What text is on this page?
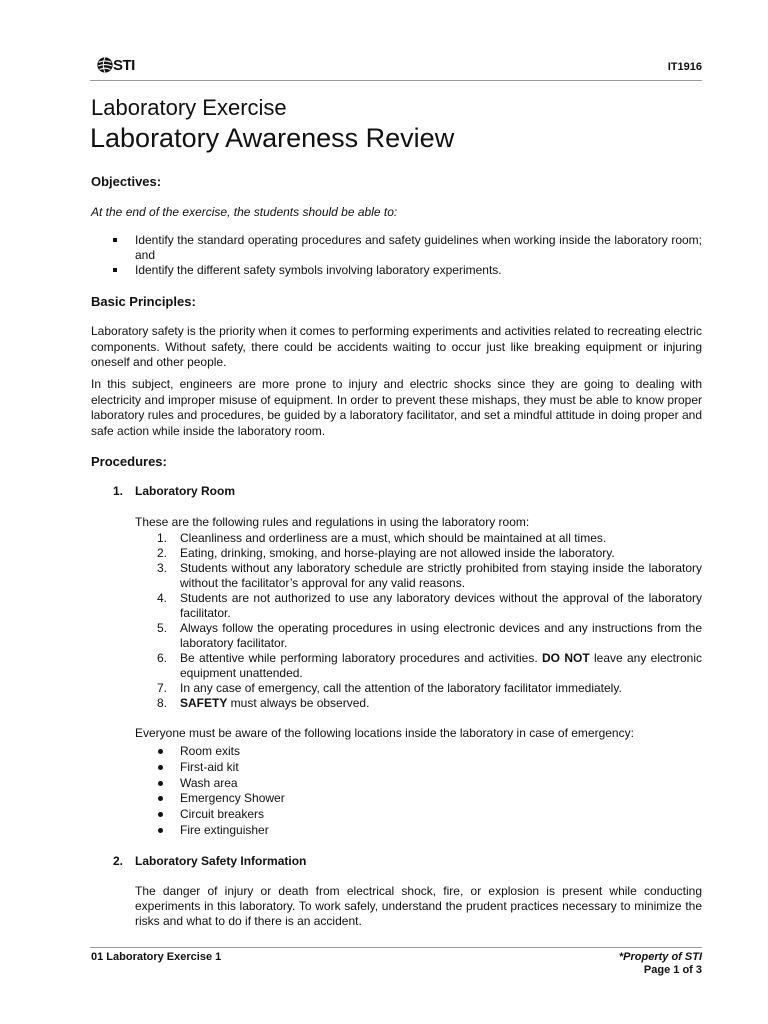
STI	IT1916
Laboratory Exercise
Laboratory Awareness Review
Objectives:
At the end of the exercise, the students should be able to:
Identify the standard operating procedures and safety guidelines when working inside the laboratory room; and
Identify the different safety symbols involving laboratory experiments.
Basic Principles:
Laboratory safety is the priority when it comes to performing experiments and activities related to recreating electric components. Without safety, there could be accidents waiting to occur just like breaking equipment or injuring oneself and other people.
In this subject, engineers are more prone to injury and electric shocks since they are going to dealing with electricity and improper misuse of equipment. In order to prevent these mishaps, they must be able to know proper laboratory rules and procedures, be guided by a laboratory facilitator, and set a mindful attitude in doing proper and safe action while inside the laboratory room.
Procedures:
1. Laboratory Room
These are the following rules and regulations in using the laboratory room:
1. Cleanliness and orderliness are a must, which should be maintained at all times.
2. Eating, drinking, smoking, and horse-playing are not allowed inside the laboratory.
3. Students without any laboratory schedule are strictly prohibited from staying inside the laboratory without the facilitator’s approval for any valid reasons.
4. Students are not authorized to use any laboratory devices without the approval of the laboratory facilitator.
5. Always follow the operating procedures in using electronic devices and any instructions from the laboratory facilitator.
6. Be attentive while performing laboratory procedures and activities. DO NOT leave any electronic equipment unattended.
7. In any case of emergency, call the attention of the laboratory facilitator immediately.
8. SAFETY must always be observed.
Everyone must be aware of the following locations inside the laboratory in case of emergency:
Room exits
First-aid kit
Wash area
Emergency Shower
Circuit breakers
Fire extinguisher
2. Laboratory Safety Information
The danger of injury or death from electrical shock, fire, or explosion is present while conducting experiments in this laboratory. To work safely, understand the prudent practices necessary to minimize the risks and what to do if there is an accident.
01 Laboratory Exercise 1	*Property of STI
Page 1 of 3
